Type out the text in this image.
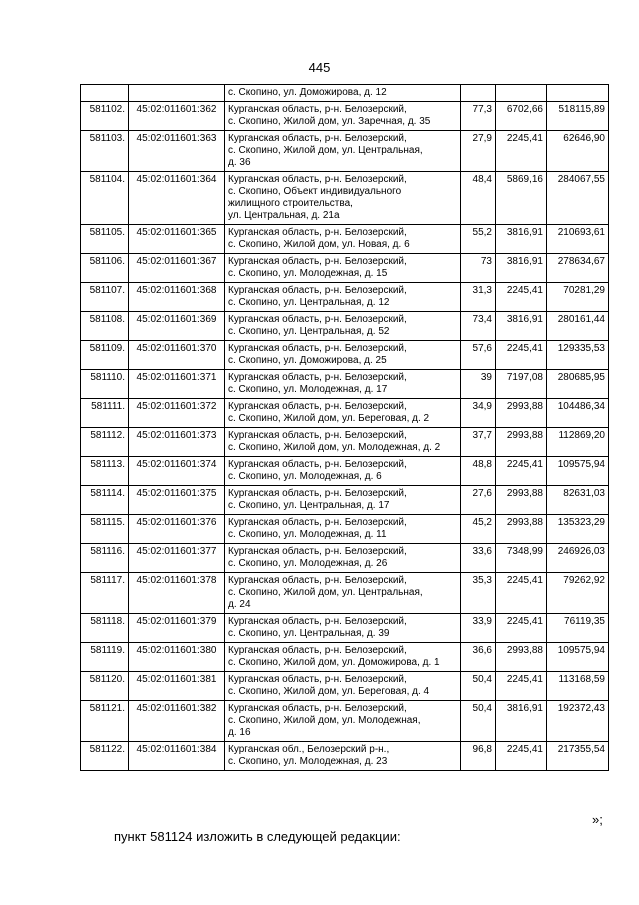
445
		с. Скопино, ул. Доможирова, д. 12			
581102.	45:02:011601:362	Курганская область, р-н. Белозерский,
с. Скопино, Жилой дом, ул. Заречная, д. 35	77,3	6702,66	518115,89
581103.	45:02:011601:363	Курганская область, р-н. Белозерский,
с. Скопино, Жилой дом, ул. Центральная,
д. 36	27,9	2245,41	62646,90
581104.	45:02:011601:364	Курганская область, р-н. Белозерский,
с. Скопино, Объект индивидуального
жилищного строительства,
ул. Центральная, д. 21а	48,4	5869,16	284067,55
581105.	45:02:011601:365	Курганская область, р-н. Белозерский,
с. Скопино, Жилой дом, ул. Новая, д. 6	55,2	3816,91	210693,61
581106.	45:02:011601:367	Курганская область, р-н. Белозерский,
с. Скопино, ул. Молодежная, д. 15	73	3816,91	278634,67
581107.	45:02:011601:368	Курганская область, р-н. Белозерский,
с. Скопино, ул. Центральная, д. 12	31,3	2245,41	70281,29
581108.	45:02:011601:369	Курганская область, р-н. Белозерский,
с. Скопино, ул. Центральная, д. 52	73,4	3816,91	280161,44
581109.	45:02:011601:370	Курганская область, р-н. Белозерский,
с. Скопино, ул. Доможирова, д. 25	57,6	2245,41	129335,53
581110.	45:02:011601:371	Курганская область, р-н. Белозерский,
с. Скопино, ул. Молодежная, д. 17	39	7197,08	280685,95
581111.	45:02:011601:372	Курганская область, р-н. Белозерский,
с. Скопино, Жилой дом, ул. Береговая, д. 2	34,9	2993,88	104486,34
581112.	45:02:011601:373	Курганская область, р-н. Белозерский,
с. Скопино, Жилой дом, ул. Молодежная, д. 2	37,7	2993,88	112869,20
581113.	45:02:011601:374	Курганская область, р-н. Белозерский,
с. Скопино, ул. Молодежная, д. 6	48,8	2245,41	109575,94
581114.	45:02:011601:375	Курганская область, р-н. Белозерский,
с. Скопино, ул. Центральная, д. 17	27,6	2993,88	82631,03
581115.	45:02:011601:376	Курганская область, р-н. Белозерский,
с. Скопино, ул. Молодежная, д. 11	45,2	2993,88	135323,29
581116.	45:02:011601:377	Курганская область, р-н. Белозерский,
с. Скопино, ул. Молодежная, д. 26	33,6	7348,99	246926,03
581117.	45:02:011601:378	Курганская область, р-н. Белозерский,
с. Скопино, Жилой дом, ул. Центральная,
д. 24	35,3	2245,41	79262,92
581118.	45:02:011601:379	Курганская область, р-н. Белозерский,
с. Скопино, ул. Центральная, д. 39	33,9	2245,41	76119,35
581119.	45:02:011601:380	Курганская область, р-н. Белозерский,
с. Скопино, Жилой дом, ул. Доможирова, д. 1	36,6	2993,88	109575,94
581120.	45:02:011601:381	Курганская область, р-н. Белозерский,
с. Скопино, Жилой дом, ул. Береговая, д. 4	50,4	2245,41	113168,59
581121.	45:02:011601:382	Курганская область, р-н. Белозерский,
с. Скопино, Жилой дом, ул. Молодежная,
д. 16	50,4	3816,91	192372,43
581122.	45:02:011601:384	Курганская обл., Белозерский р-н.,
с. Скопино, ул. Молодежная, д. 23	96,8	2245,41	217355,54
»;
пункт 581124 изложить в следующей редакции:
